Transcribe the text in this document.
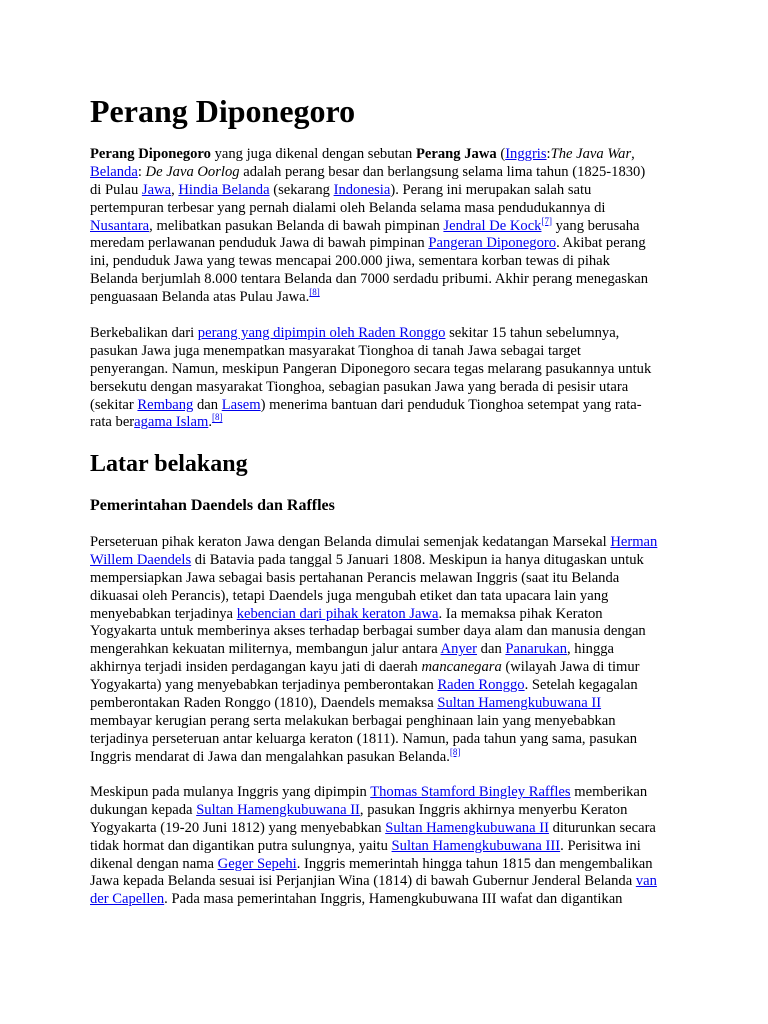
Perang Diponegoro
Perang Diponegoro yang juga dikenal dengan sebutan Perang Jawa (Inggris:The Java War,
Belanda: De Java Oorlog adalah perang besar dan berlangsung selama lima tahun (1825-1830)
di Pulau Jawa, Hindia Belanda (sekarang Indonesia). Perang ini merupakan salah satu
pertempuran terbesar yang pernah dialami oleh Belanda selama masa pendudukannya di
Nusantara, melibatkan pasukan Belanda di bawah pimpinan Jendral De Kock[7] yang berusaha
meredam perlawanan penduduk Jawa di bawah pimpinan Pangeran Diponegoro. Akibat perang
ini, penduduk Jawa yang tewas mencapai 200.000 jiwa, sementara korban tewas di pihak
Belanda berjumlah 8.000 tentara Belanda dan 7000 serdadu pribumi. Akhir perang menegaskan
penguasaan Belanda atas Pulau Jawa.[8]
Berkebalikan dari perang yang dipimpin oleh Raden Ronggo sekitar 15 tahun sebelumnya,
pasukan Jawa juga menempatkan masyarakat Tionghoa di tanah Jawa sebagai target
penyerangan. Namun, meskipun Pangeran Diponegoro secara tegas melarang pasukannya untuk
bersekutu dengan masyarakat Tionghoa, sebagian pasukan Jawa yang berada di pesisir utara
(sekitar Rembang dan Lasem) menerima bantuan dari penduduk Tionghoa setempat yang rata-
rata beragama Islam.[8]
Latar belakang
Pemerintahan Daendels dan Raffles
Perseteruan pihak keraton Jawa dengan Belanda dimulai semenjak kedatangan Marsekal Herman
Willem Daendels di Batavia pada tanggal 5 Januari 1808. Meskipun ia hanya ditugaskan untuk
mempersiapkan Jawa sebagai basis pertahanan Perancis melawan Inggris (saat itu Belanda
dikuasai oleh Perancis), tetapi Daendels juga mengubah etiket dan tata upacara lain yang
menyebabkan terjadinya kebencian dari pihak keraton Jawa. Ia memaksa pihak Keraton
Yogyakarta untuk memberinya akses terhadap berbagai sumber daya alam dan manusia dengan
mengerahkan kekuatan militernya, membangun jalur antara Anyer dan Panarukan, hingga
akhirnya terjadi insiden perdagangan kayu jati di daerah mancanegara (wilayah Jawa di timur
Yogyakarta) yang menyebabkan terjadinya pemberontakan Raden Ronggo. Setelah kegagalan
pemberontakan Raden Ronggo (1810), Daendels memaksa Sultan Hamengkubuwana II
membayar kerugian perang serta melakukan berbagai penghinaan lain yang menyebabkan
terjadinya perseteruan antar keluarga keraton (1811). Namun, pada tahun yang sama, pasukan
Inggris mendarat di Jawa dan mengalahkan pasukan Belanda.[8]
Meskipun pada mulanya Inggris yang dipimpin Thomas Stamford Bingley Raffles memberikan
dukungan kepada Sultan Hamengkubuwana II, pasukan Inggris akhirnya menyerbu Keraton
Yogyakarta (19-20 Juni 1812) yang menyebabkan Sultan Hamengkubuwana II diturunkan secara
tidak hormat dan digantikan putra sulungnya, yaitu Sultan Hamengkubuwana III. Perisitwa ini
dikenal dengan nama Geger Sepehi. Inggris memerintah hingga tahun 1815 dan mengembalikan
Jawa kepada Belanda sesuai isi Perjanjian Wina (1814) di bawah Gubernur Jenderal Belanda van
der Capellen. Pada masa pemerintahan Inggris, Hamengkubuwana III wafat dan digantikan
